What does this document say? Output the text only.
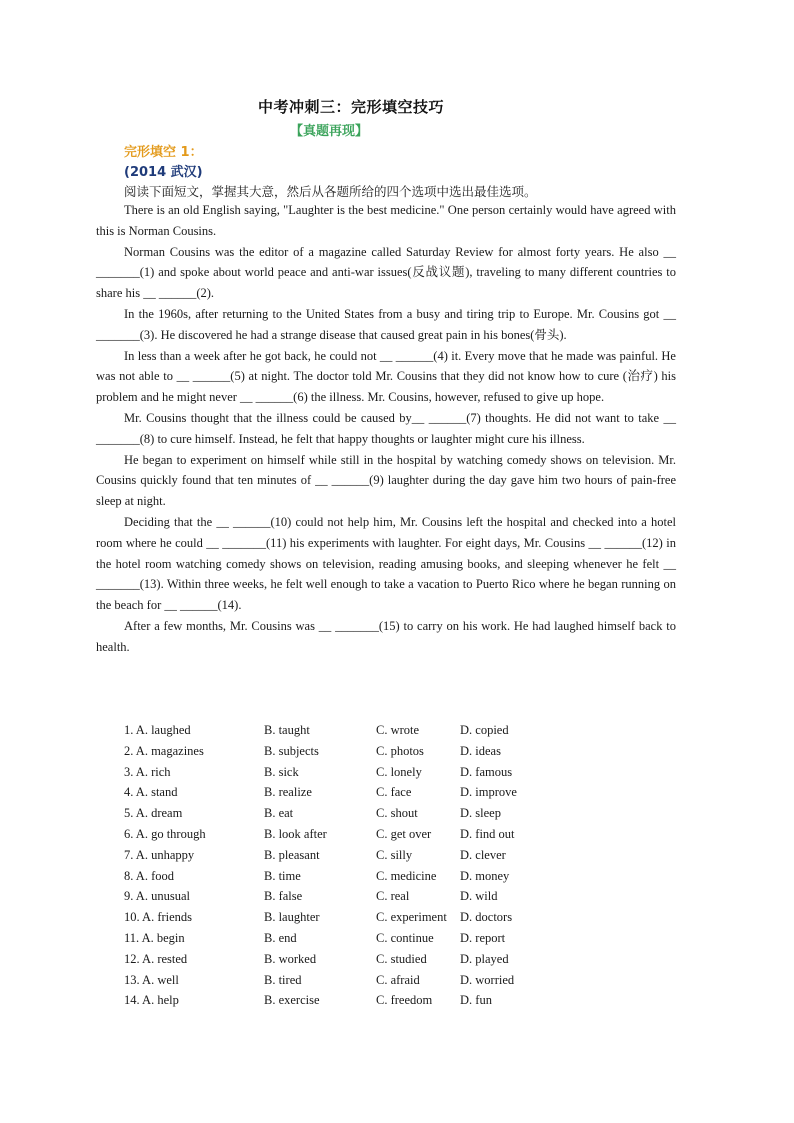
中考冲刺三：完形填空技巧
【真题再现】
完形填空 1：
(2014 武汉)
阅读下面短文，掌握其大意，然后从各题所给的四个选项中选出最佳选项。

There is an old English saying, "Laughter is the best medicine." One person certainly would have agreed with this is Norman Cousins.

Norman Cousins was the editor of a magazine called Saturday Review for almost forty years. He also __ _______(1) and spoke about world peace and anti-war issues(反战议题), traveling to many different countries to share his __ ______(2).

In the 1960s, after returning to the United States from a busy and tiring trip to Europe. Mr. Cousins got __ _______(3). He discovered he had a strange disease that caused great pain in his bones(骨头).

In less than a week after he got back, he could not __ ______(4) it. Every move that he made was painful. He was not able to __ ______(5) at night. The doctor told Mr. Cousins that they did not know how to cure (治疗) his problem and he might never __ ______(6) the illness. Mr. Cousins, however, refused to give up hope.

Mr. Cousins thought that the illness could be caused by__ ______(7) thoughts. He did not want to take __ _______(8) to cure himself. Instead, he felt that happy thoughts or laughter might cure his illness.

He began to experiment on himself while still in the hospital by watching comedy shows on television. Mr. Cousins quickly found that ten minutes of __ ______(9) laughter during the day gave him two hours of pain-free sleep at night.

Deciding that the __ ______(10) could not help him, Mr. Cousins left the hospital and checked into a hotel room where he could __ _______(11) his experiments with laughter. For eight days, Mr. Cousins __ ______(12) in the hotel room watching comedy shows on television, reading amusing books, and sleeping whenever he felt __ _______(13). Within three weeks, he felt well enough to take a vacation to Puerto Rico where he began running on the beach for __ ______(14).

After a few months, Mr. Cousins was __ _______(15) to carry on his work. He had laughed himself back to health.

1. A. laughed	B. taught	C. wrote	D. copied
2. A. magazines	B. subjects	C. photos	D. ideas
3. A. rich	B. sick	C. lonely	D. famous
4. A. stand	B. realize	C. face	D. improve
5. A. dream	B. eat	C. shout	D. sleep
6. A. go through	B. look after	C. get over	D. find out
7. A. unhappy	B. pleasant	C. silly	D. clever
8. A. food	B. time	C. medicine	D. money
9. A. unusual	B. false	C. real	D. wild
10. A. friends	B. laughter	C. experiment	D. doctors
11. A. begin	B. end	C. continue	D. report
12. A. rested	B. worked	C. studied	D. played
13. A. well	B. tired	C. afraid	D. worried
14. A. help	B. exercise	C. freedom	D. fun
